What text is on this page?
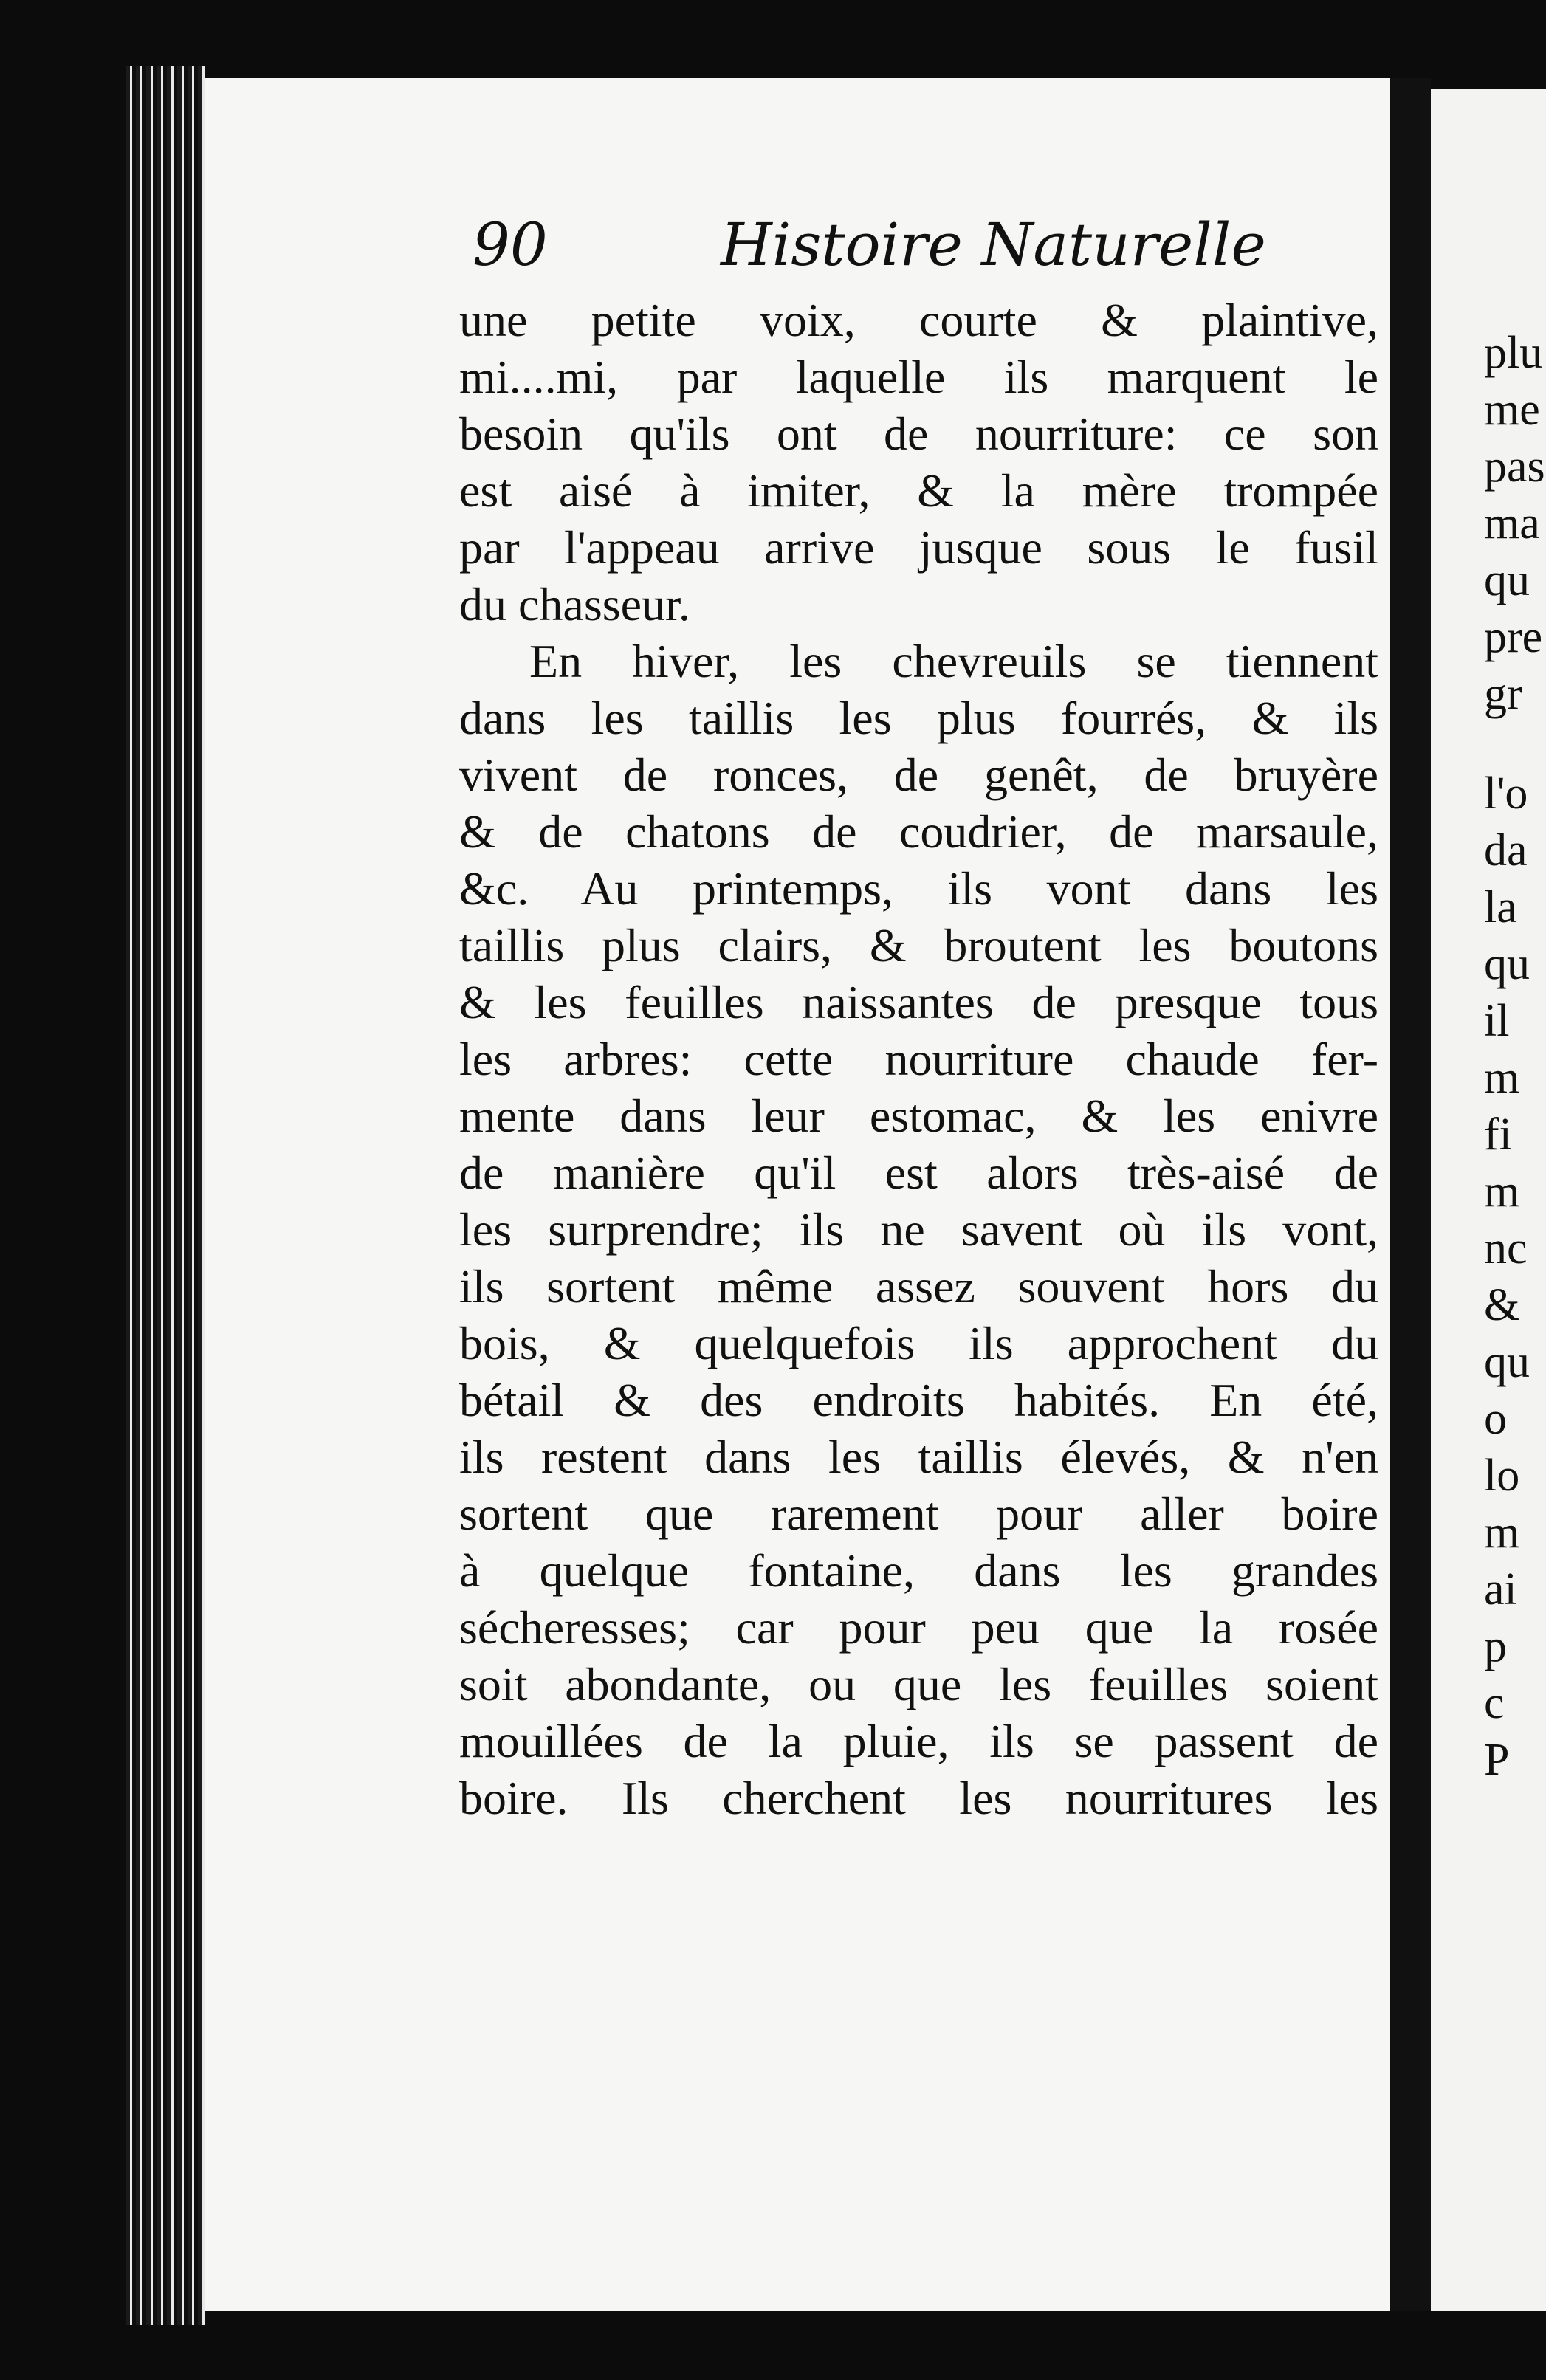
90	Histoire Naturelle
une petite voix, courte & plaintive,
mi....mi, par laquelle ils marquent le
besoin qu'ils ont de nourriture: ce son
est aisé à imiter, & la mère trompée
par l'appeau arrive jusque sous le fusil
du chasseur.
En hiver, les chevreuils se tiennent
dans les taillis les plus fourrés, & ils
vivent de ronces, de genêt, de bruyère
& de chatons de coudrier, de marsaule,
&c. Au printemps, ils vont dans les
taillis plus clairs, & broutent les boutons
& les feuilles naissantes de presque tous
les arbres: cette nourriture chaude fer-
mente dans leur estomac, & les enivre
de manière qu'il est alors très-aisé de
les surprendre; ils ne savent où ils vont,
ils sortent même assez souvent hors du
bois, & quelquefois ils approchent du
bétail & des endroits habités. En été,
ils restent dans les taillis élevés, & n'en
sortent que rarement pour aller boire
à quelque fontaine, dans les grandes
sécheresses; car pour peu que la rosée
soit abondante, ou que les feuilles soient
mouillées de la pluie, ils se passent de
boire. Ils cherchent les nourritures les
plu
me
pas
ma
qu
pre
gr
l'o
da
la
qu
il
m
fi
m
nc
&
qu
o
lo
m
ai
p
c
P
